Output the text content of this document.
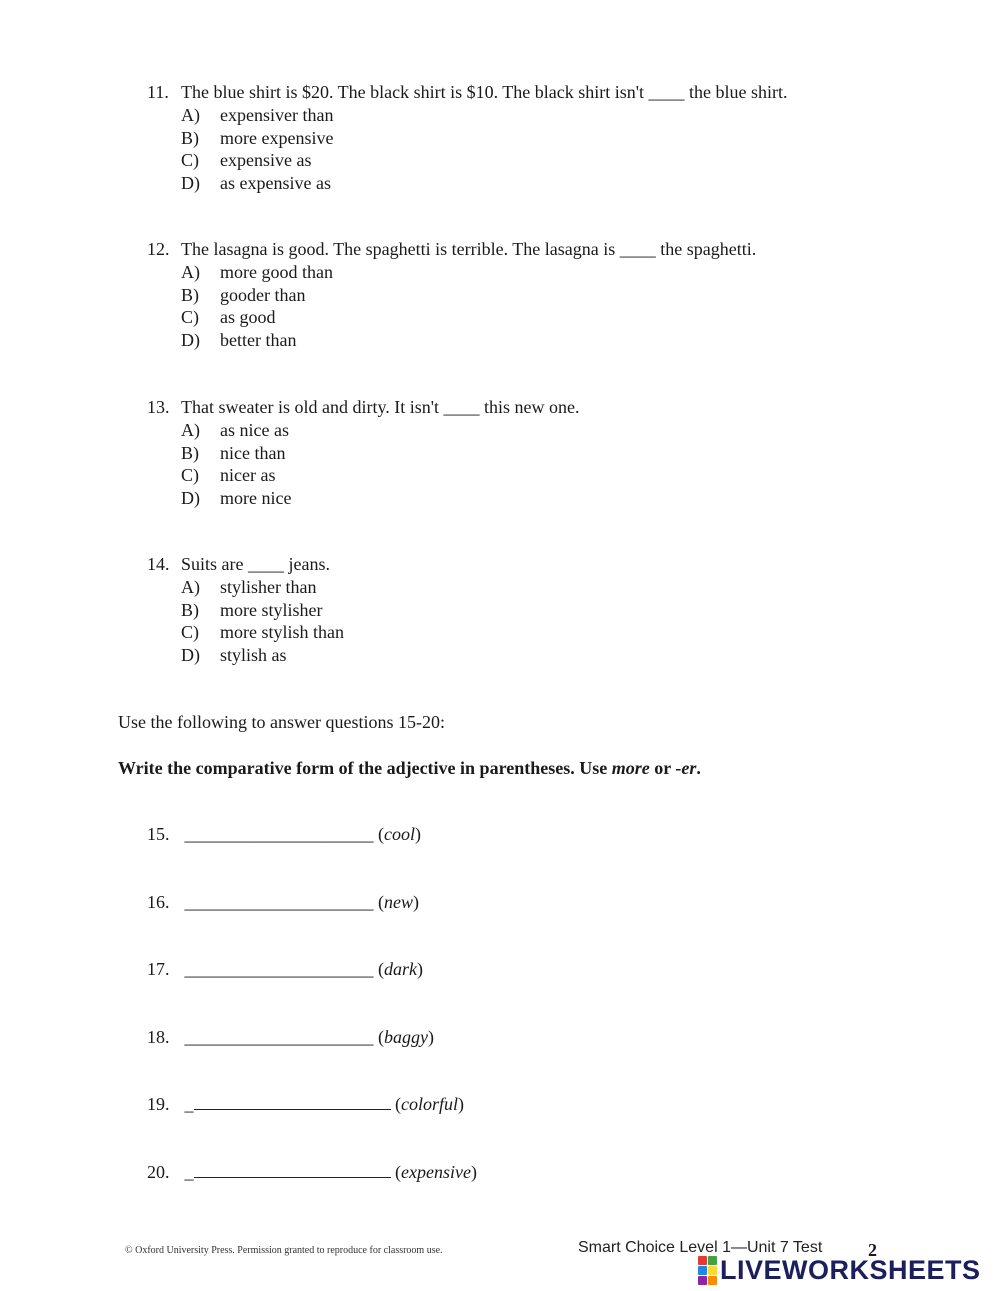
11. The blue shirt is $20. The black shirt is $10. The black shirt isn't ____ the blue shirt.
A) expensiver than
B) more expensive
C) expensive as
D) as expensive as
12. The lasagna is good. The spaghetti is terrible. The lasagna is ____ the spaghetti.
A) more good than
B) gooder than
C) as good
D) better than
13. That sweater is old and dirty. It isn't ____ this new one.
A) as nice as
B) nice than
C) nicer as
D) more nice
14. Suits are ____ jeans.
A) stylisher than
B) more stylisher
C) more stylish than
D) stylish as
Use the following to answer questions 15-20:
Write the comparative form of the adjective in parentheses. Use more or -er.
15. _____________________ (cool)
16. _____________________ (new)
17. _____________________ (dark)
18. _____________________ (baggy)
19. _	(colorful)
20. _	(expensive)
© Oxford University Press. Permission granted to reproduce for classroom use.	Smart Choice Level 1—Unit 7 Test	2
LIVEWORKSHEETS
